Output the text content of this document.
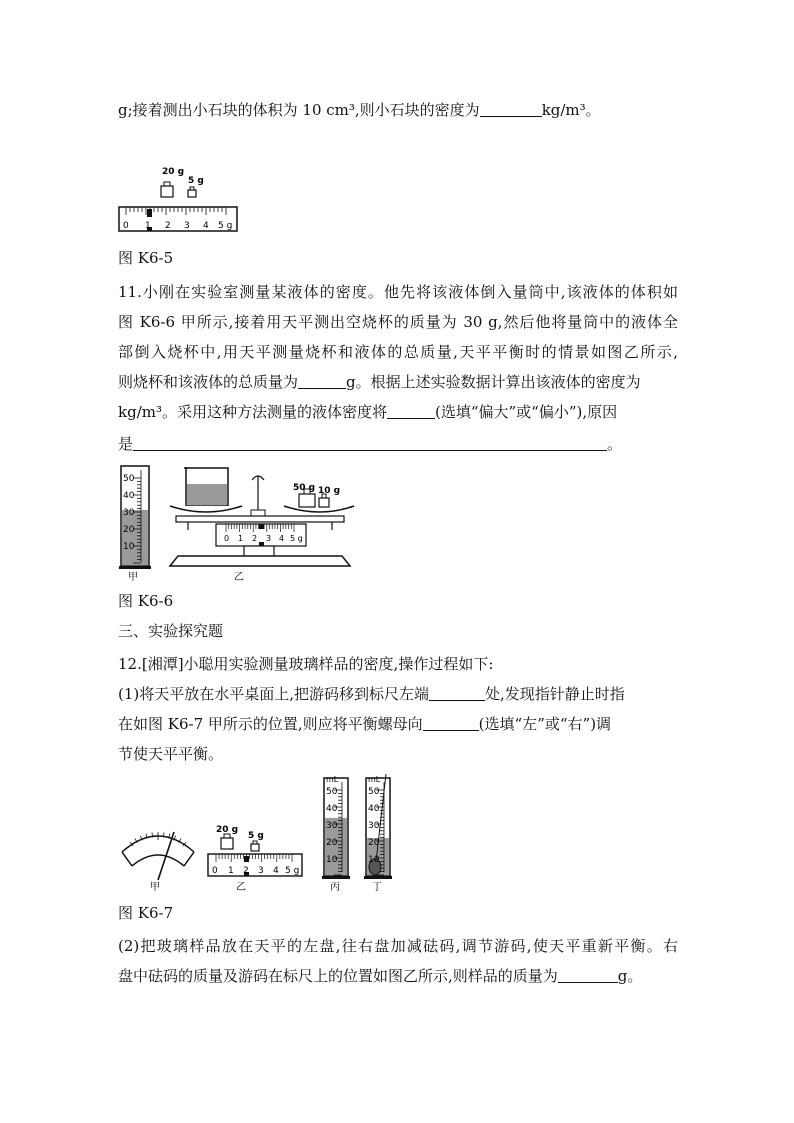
g;接着测出小石块的体积为 10 cm³,则小石块的密度为	kg/m³。
20 g
5 g
0 1 2 3 4 5 g
图 K6-5
11.小刚在实验室测量某液体的密度。他先将该液体倒入量筒中,该液体的体积如
图 K6-6 甲所示,接着用天平测出空烧杯的质量为 30 g,然后他将量筒中的液体全
部倒入烧杯中,用天平测量烧杯和液体的总质量,天平平衡时的情景如图乙所示,
则烧杯和该液体的总质量为	g。根据上述实验数据计算出该液体的密度为
kg/m³。采用这种方法测量的液体密度将	(选填“偏大”或“偏小”),原因
是	。
50
40
30
20
10
甲
50 g 10 g
0 1 2 3 4 5 g
乙
图 K6-6
三、实验探究题
12.[湘潭]小聪用实验测量玻璃样品的密度,操作过程如下:
(1)将天平放在水平桌面上,把游码移到标尺左端	处,发现指针静止时指
在如图 K6-7 甲所示的位置,则应将平衡螺母向	(选填“左”或“右”)调
节使天平平衡。
甲
20 g
5 g
0 1 2 3 4 5 g
乙
mL
50
40
30
20
10
丙
mL
50
40
30
20
10
丁
图 K6-7
(2)把玻璃样品放在天平的左盘,往右盘加减砝码,调节游码,使天平重新平衡。右
盘中砝码的质量及游码在标尺上的位置如图乙所示,则样品的质量为	g。
